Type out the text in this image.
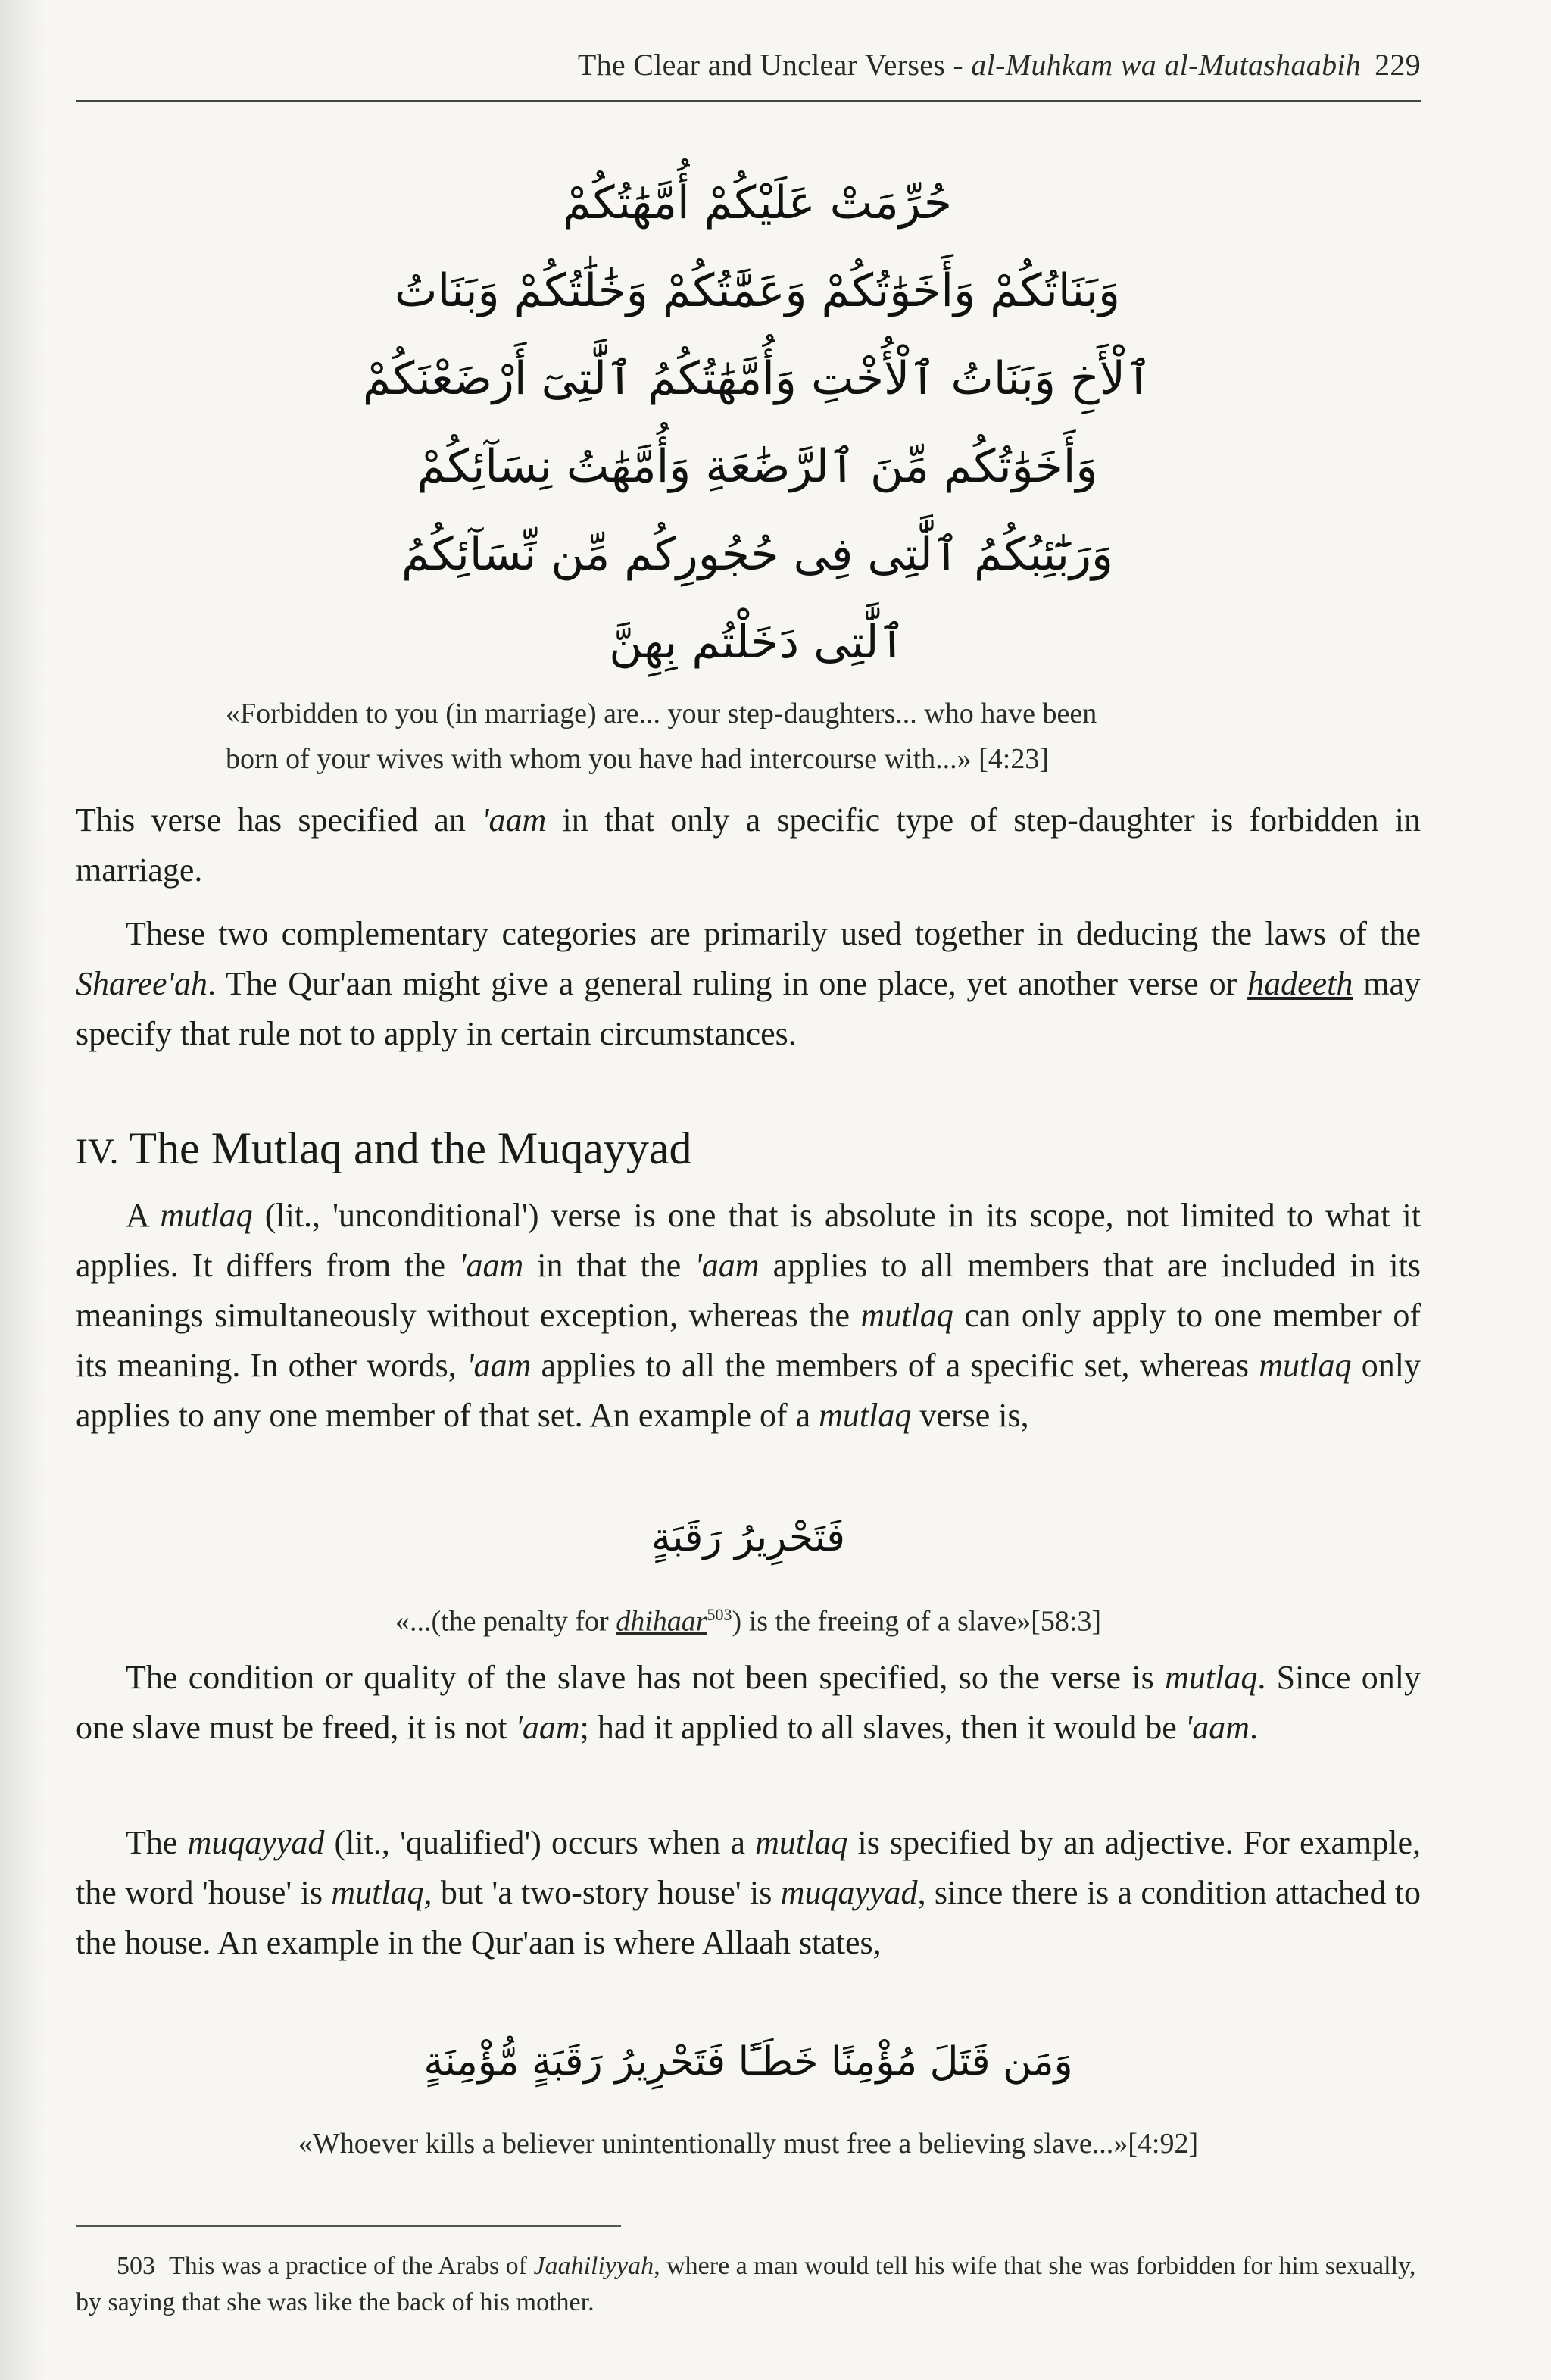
The Clear and Unclear Verses - al-Muhkam wa al-Mutashaabih 229
حُرِّمَتْ عَلَيْكُمْ أُمَّهَٰتُكُمْ
وَبَنَاتُكُمْ وَأَخَوَٰتُكُمْ وَعَمَّٰتُكُمْ وَخَٰلَٰتُكُمْ وَبَنَاتُ
ٱلْأَخِ وَبَنَاتُ ٱلْأُخْتِ وَأُمَّهَٰتُكُمُ ٱلَّٰتِىٓ أَرْضَعْنَكُمْ
وَأَخَوَٰتُكُم مِّنَ ٱلرَّضَٰعَةِ وَأُمَّهَٰتُ نِسَآئِكُمْ
وَرَبَٰٓئِبُكُمُ ٱلَّٰتِى فِى حُجُورِكُم مِّن نِّسَآئِكُمُ
ٱلَّٰتِى دَخَلْتُم بِهِنَّ
«Forbidden to you (in marriage) are... your step-daughters... who have been
born of your wives with whom you have had intercourse with...» [4:23]
This verse has specified an 'aam in that only a specific type of step-daughter is forbidden in marriage.
These two complementary categories are primarily used together in deducing the laws of the Sharee'ah. The Qur'aan might give a general ruling in one place, yet another verse or hadeeth may specify that rule not to apply in certain circumstances.
IV. The Mutlaq and the Muqayyad
A mutlaq (lit., 'unconditional') verse is one that is absolute in its scope, not limited to what it applies. It differs from the 'aam in that the 'aam applies to all members that are included in its meanings simultaneously without exception, whereas the mutlaq can only apply to one member of its meaning. In other words, 'aam applies to all the members of a specific set, whereas mutlaq only applies to any one member of that set. An example of a mutlaq verse is,
فَتَحْرِيرُ رَقَبَةٍ
«...(the penalty for dhihaar$^{503}$) is the freeing of a slave»[58:3]
The condition or quality of the slave has not been specified, so the verse is mutlaq. Since only one slave must be freed, it is not 'aam; had it applied to all slaves, then it would be 'aam.
The muqayyad (lit., 'qualified') occurs when a mutlaq is specified by an adjective. For example, the word 'house' is mutlaq, but 'a two-story house' is muqayyad, since there is a condition attached to the house. An example in the Qur'aan is where Allaah states,
وَمَن قَتَلَ مُؤْمِنًا خَطَـًٔا فَتَحْرِيرُ رَقَبَةٍ مُّؤْمِنَةٍ
«Whoever kills a believer unintentionally must free a believing slave...»[4:92]
503 This was a practice of the Arabs of Jaahiliyyah, where a man would tell his wife that she was forbidden for him sexually, by saying that she was like the back of his mother.
